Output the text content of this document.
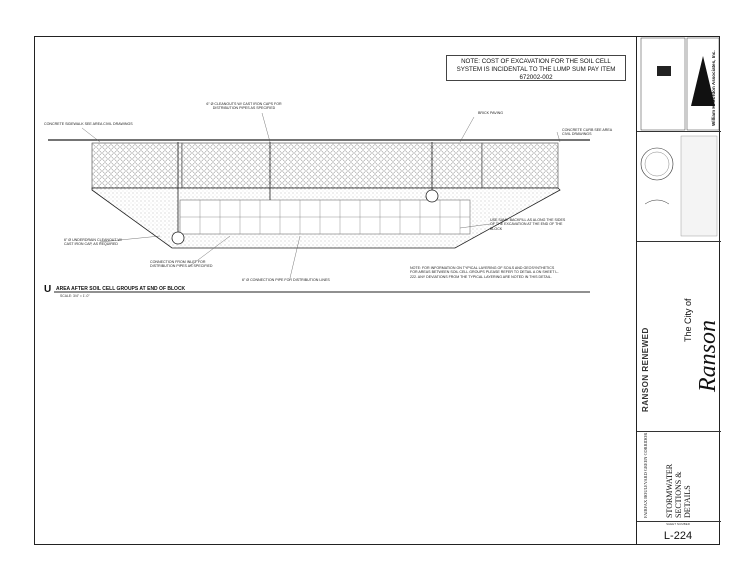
NOTE: COST OF EXCAVATION FOR THE SOIL CELL SYSTEM IS INCIDENTAL TO THE LUMP SUM PAY ITEM 672002-002
CONCRETE SIDEWALK SEE AREA CIVIL DRAWINGS
6" Ø CLEANOUTS W/ CAST IRON CAPS FOR DISTRIBUTION PIPES AS SPECIFIED
BRICK PAVING
CONCRETE CURB SEE AREA CIVIL DRAWINGS
6" Ø UNDERDRAIN CLEANOUT W/ CAST IRON CAP, AS REQUIRED
USE SAME BACKFILL AS ALONG THE SIDES OF THE EXCAVATION AT THE END OF THE BLOCK
CONNECTION FROM INLET FOR DISTRIBUTION PIPES AS SPECIFIED
6" Ø CONNECTION PIPE FOR DISTRIBUTION LINES
NOTE: FOR INFORMATION ON TYPICAL LAYERING OF SOILS AND GEOSYNTHETICS FOR AREAS BETWEEN SOIL CELL GROUPS PLEASE REFER TO DETAIL A ON SHEET L-222. ANY DEVIATIONS FROM THE TYPICAL LAYERING ARE NOTED IN THIS DETAIL.
U AREA AFTER SOIL CELL GROUPS AT END OF BLOCK
SCALE: 3/4" = 1'-0"
William H. Gordon Associates, Inc.
RANSON RENEWED
The City of Ranson
FAIRFAX BOULEVARD GREEN CORRIDOR STORMWATER SECTIONS & DETAILS
SHEET NUMBER
L-224
